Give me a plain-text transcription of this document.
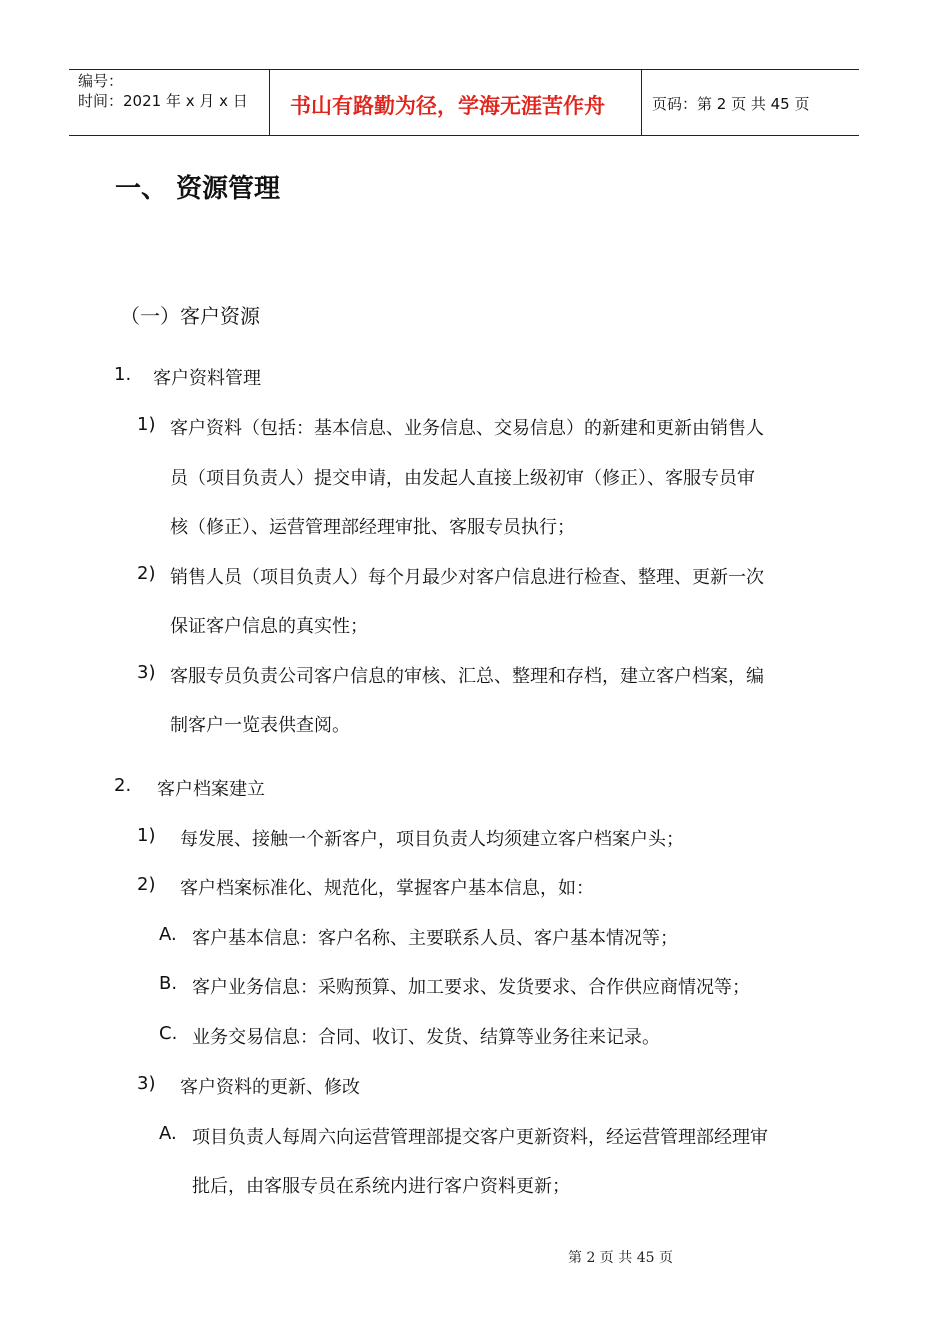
编号：
时间：2021 年 x 月 x 日 书山有路勤为径，学海无涯苦作舟	页码：第 2 页 共 45 页
一、 资源管理
（一）客户资源
1. 客户资料管理
1) 客户资料（包括：基本信息、业务信息、交易信息）的新建和更新由销售人
员（项目负责人）提交申请，由发起人直接上级初审（修正）、客服专员审
核（修正）、运营管理部经理审批、客服专员执行；
2) 销售人员（项目负责人）每个月最少对客户信息进行检查、整理、更新一次
保证客户信息的真实性；
3) 客服专员负责公司客户信息的审核、汇总、整理和存档，建立客户档案，编
制客户一览表供查阅。
2. 客户档案建立
1) 每发展、接触一个新客户，项目负责人均须建立客户档案户头；
2) 客户档案标准化、规范化，掌握客户基本信息，如：
A. 客户基本信息：客户名称、主要联系人员、客户基本情况等；
B. 客户业务信息：采购预算、加工要求、发货要求、合作供应商情况等；
C. 业务交易信息：合同、收订、发货、结算等业务往来记录。
3) 客户资料的更新、修改
A. 项目负责人每周六向运营管理部提交客户更新资料，经运营管理部经理审
批后，由客服专员在系统内进行客户资料更新；
第 2 页 共 45 页
